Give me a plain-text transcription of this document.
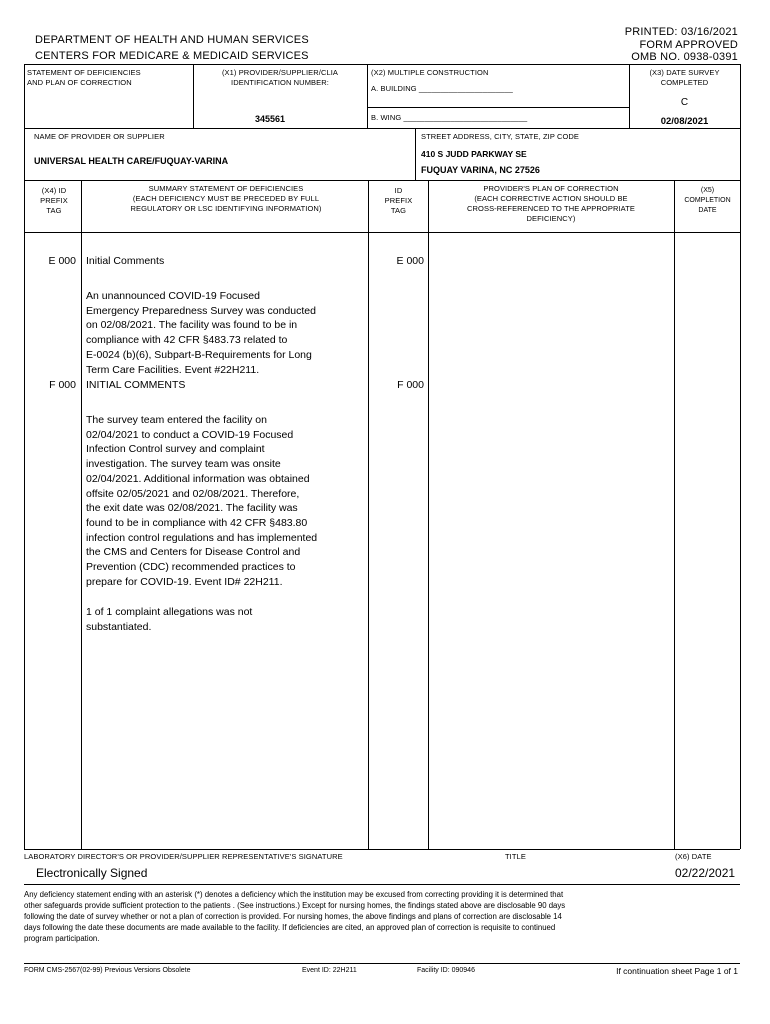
PRINTED: 03/16/2021
FORM APPROVED
OMB NO. 0938-0391
DEPARTMENT OF HEALTH AND HUMAN SERVICES
CENTERS FOR MEDICARE & MEDICAID SERVICES
STATEMENT OF DEFICIENCIES
AND PLAN OF CORRECTION
(X1) PROVIDER/SUPPLIER/CLIA
IDENTIFICATION NUMBER:
345561
(X2) MULTIPLE CONSTRUCTION
A. BUILDING ______________________
B. WING _____________________________
(X3) DATE SURVEY
COMPLETED
C
02/08/2021
NAME OF PROVIDER OR SUPPLIER
UNIVERSAL HEALTH CARE/FUQUAY-VARINA
STREET ADDRESS, CITY, STATE, ZIP CODE
410 S JUDD PARKWAY SE
FUQUAY VARINA, NC 27526
(X4) ID
PREFIX
TAG
SUMMARY STATEMENT OF DEFICIENCIES
(EACH DEFICIENCY MUST BE PRECEDED BY FULL
REGULATORY OR LSC IDENTIFYING INFORMATION)
ID
PREFIX
TAG
PROVIDER'S PLAN OF CORRECTION
(EACH CORRECTIVE ACTION SHOULD BE
CROSS-REFERENCED TO THE APPROPRIATE
DEFICIENCY)
(X5)
COMPLETION
DATE
E 000 Initial Comments
An unannounced COVID-19 Focused
Emergency Preparedness Survey was conducted
on 02/08/2021. The facility was found to be in
compliance with 42 CFR §483.73 related to
E-0024 (b)(6), Subpart-B-Requirements for Long
Term Care Facilities. Event #22H211.
E 000
F 000 INITIAL COMMENTS
The survey team entered the facility on
02/04/2021 to conduct a COVID-19 Focused
Infection Control survey and complaint
investigation. The survey team was onsite
02/04/2021. Additional information was obtained
offsite 02/05/2021 and 02/08/2021. Therefore,
the exit date was 02/08/2021. The facility was
found to be in compliance with 42 CFR §483.80
infection control regulations and has implemented
the CMS and Centers for Disease Control and
Prevention (CDC) recommended practices to
prepare for COVID-19. Event ID# 22H211.
1 of 1 complaint allegations was not
substantiated.
F 000
LABORATORY DIRECTOR'S OR PROVIDER/SUPPLIER REPRESENTATIVE'S SIGNATURE
Electronically Signed
TITLE	(X6) DATE
02/22/2021
Any deficiency statement ending with an asterisk (*) denotes a deficiency which the institution may be excused from correcting providing it is determined that
other safeguards provide sufficient protection to the patients . (See instructions.) Except for nursing homes, the findings stated above are disclosable 90 days
following the date of survey whether or not a plan of correction is provided. For nursing homes, the above findings and plans of correction are disclosable 14
days following the date these documents are made available to the facility. If deficiencies are cited, an approved plan of correction is requisite to continued
program participation.
FORM CMS-2567(02-99) Previous Versions Obsolete	Event ID: 22H211	Facility ID: 090946	If continuation sheet Page 1 of 1
